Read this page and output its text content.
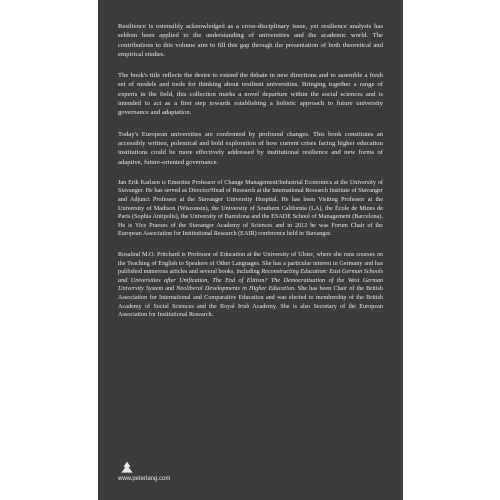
Resilience is ostensibly acknowledged as a cross-disciplinary issue, yet resilience analysis has seldom been applied to the understanding of universities and the academic world. The contributions to this volume aim to fill this gap through the presentation of both theoretical and empirical studies.

The book's title reflects the desire to extend the debate in new directions and to assemble a fresh set of models and tools for thinking about resilient universities. Bringing together a range of experts in the field, this collection marks a novel departure within the social sciences and is intended to act as a first step towards establishing a holistic approach to future university governance and adaptation.

Today's European universities are confronted by profound changes. This book constitutes an accessibly written, polemical and bold exploration of how current crises facing higher education institutions could be more effectively addressed by institutional resilience and new forms of adaptive, future-oriented governance.

Jan Erik Karlsen is Emeritus Professor of Change Management/Industrial Economics at the University of Stavanger. He has served as Director/Head of Research at the International Research Institute of Stavanger and Adjunct Professor at the Stavanger University Hospital. He has been Visiting Professor at the University of Madison (Wisconsin), the University of Southern California (LA), the École de Mines de Paris (Sophia Antipolis), the University of Barcelona and the ESADE School of Management (Barcelona). He is Vice Praeses of the Stavanger Academy of Sciences and in 2012 he was Forum Chair of the European Association for Institutional Research (EAIR) conference held in Stavanger.

Rosalind M.O. Pritchard is Professor of Education at the University of Ulster, where she runs courses on the Teaching of English to Speakers of Other Languages. She has a particular interest in Germany and has published numerous articles and several books, including Reconstructing Education: East German Schools and Universities after Unification, The End of Elitism? The Democratisation of the West German University System and Neoliberal Developments in Higher Education. She has been Chair of the British Association for International and Comparative Education and was elected to membership of the British Academy of Social Sciences and the Royal Irish Academy. She is also Secretary of the European Association for Institutional Research.

www.peterlang.com
